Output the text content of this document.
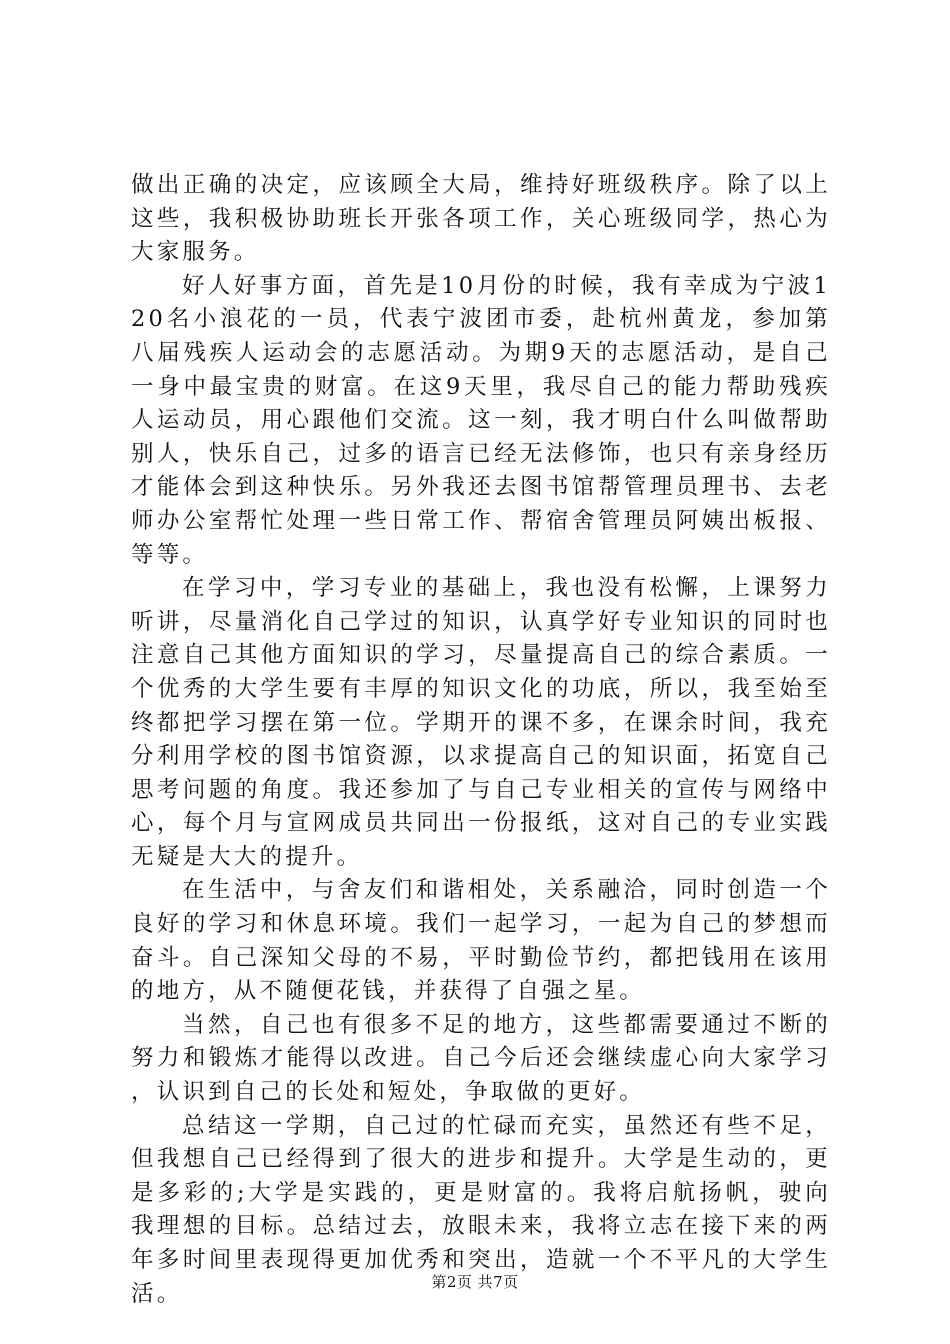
做出正确的决定，应该顾全大局，维持好班级秩序。除了以上这些，我积极协助班长开张各项工作，关心班级同学，热心为大家服务。

好人好事方面，首先是10月份的时候，我有幸成为宁波120名小浪花的一员，代表宁波团市委，赴杭州黄龙，参加第八届残疾人运动会的志愿活动。为期9天的志愿活动，是自己一身中最宝贵的财富。在这9天里，我尽自己的能力帮助残疾人运动员，用心跟他们交流。这一刻，我才明白什么叫做帮助别人，快乐自己，过多的语言已经无法修饰，也只有亲身经历才能体会到这种快乐。另外我还去图书馆帮管理员理书、去老师办公室帮忙处理一些日常工作、帮宿舍管理员阿姨出板报、等等。

在学习中，学习专业的基础上，我也没有松懈，上课努力听讲，尽量消化自己学过的知识，认真学好专业知识的同时也注意自己其他方面知识的学习，尽量提高自己的综合素质。一个优秀的大学生要有丰厚的知识文化的功底，所以，我至始至终都把学习摆在第一位。学期开的课不多，在课余时间，我充分利用学校的图书馆资源，以求提高自己的知识面，拓宽自己思考问题的角度。我还参加了与自己专业相关的宣传与网络中心，每个月与宣网成员共同出一份报纸，这对自己的专业实践无疑是大大的提升。

在生活中，与舍友们和谐相处，关系融洽，同时创造一个良好的学习和休息环境。我们一起学习，一起为自己的梦想而奋斗。自己深知父母的不易，平时勤俭节约，都把钱用在该用的地方，从不随便花钱，并获得了自强之星。

当然，自己也有很多不足的地方，这些都需要通过不断的努力和锻炼才能得以改进。自己今后还会继续虚心向大家学习，认识到自己的长处和短处，争取做的更好。

总结这一学期，自己过的忙碌而充实，虽然还有些不足，但我想自己已经得到了很大的进步和提升。大学是生动的，更是多彩的;大学是实践的，更是财富的。我将启航扬帆，驶向我理想的目标。总结过去，放眼未来，我将立志在接下来的两年多时间里表现得更加优秀和突出，造就一个不平凡的大学生活。	第2页 共7页
